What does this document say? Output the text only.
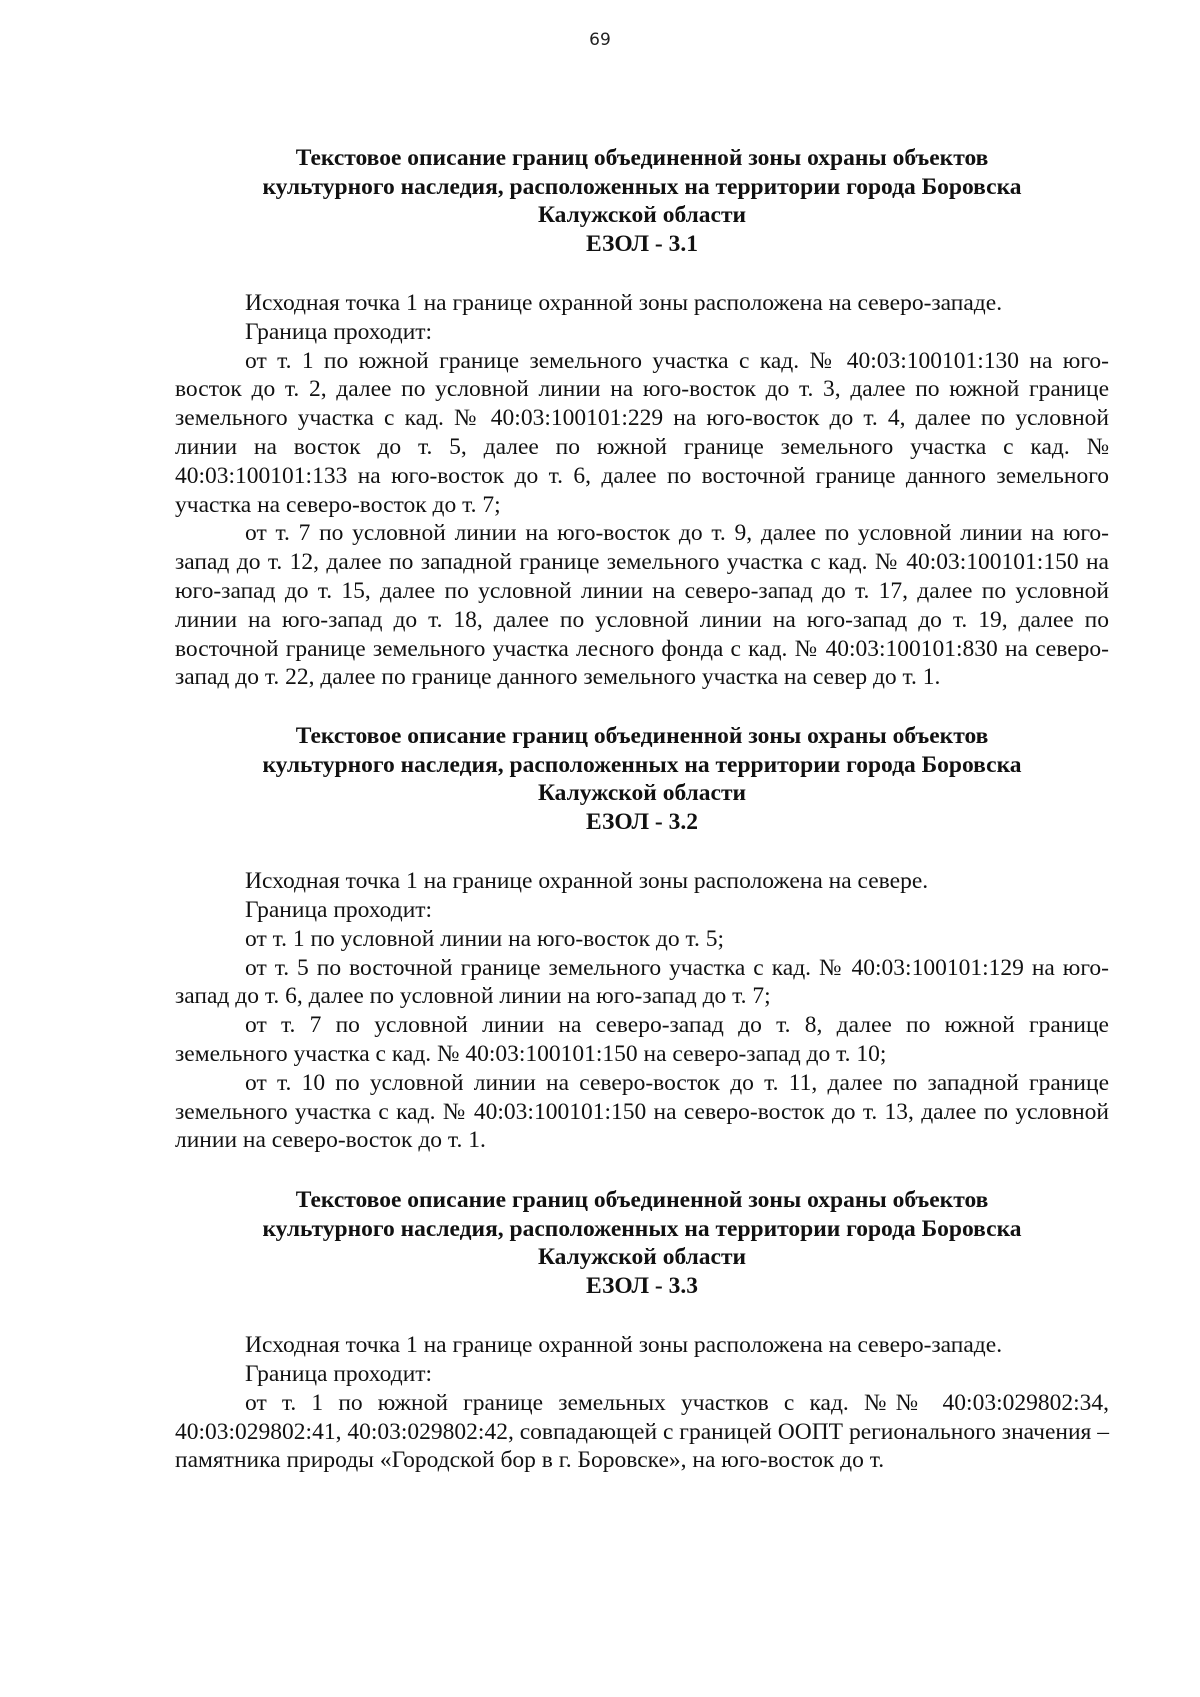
69
Текстовое описание границ объединенной зоны охраны объектов
культурного наследия, расположенных на территории города Боровска
Калужской области
ЕЗОЛ - 3.1

Исходная точка 1 на границе охранной зоны расположена на северо-западе.

Граница проходит:

от т. 1 по южной границе земельного участка с кад. № 40:03:100101:130 на юго-восток до т. 2, далее по условной линии на юго-восток до т. 3, далее по южной границе земельного участка с кад. № 40:03:100101:229 на юго-восток до т. 4, далее по условной линии на восток до т. 5, далее по южной границе земельного участка с кад. № 40:03:100101:133 на юго-восток до т. 6, далее по восточной границе данного земельного участка на северо-восток до т. 7;

от т. 7 по условной линии на юго-восток до т. 9, далее по условной линии на юго-запад до т. 12, далее по западной границе земельного участка с кад. № 40:03:100101:150 на юго-запад до т. 15, далее по условной линии на северо-запад до т. 17, далее по условной линии на юго-запад до т. 18, далее по условной линии на юго-запад до т. 19, далее по восточной границе земельного участка лесного фонда с кад. № 40:03:100101:830 на северо-запад до т. 22, далее по границе данного земельного участка на север до т. 1.

Текстовое описание границ объединенной зоны охраны объектов
культурного наследия, расположенных на территории города Боровска
Калужской области
ЕЗОЛ - 3.2

Исходная точка 1 на границе охранной зоны расположена на севере.

Граница проходит:

от т. 1 по условной линии на юго-восток до т. 5;

от т. 5 по восточной границе земельного участка с кад. № 40:03:100101:129 на юго-запад до т. 6, далее по условной линии на юго-запад до т. 7;

от т. 7 по условной линии на северо-запад до т. 8, далее по южной границе земельного участка с кад. № 40:03:100101:150 на северо-запад до т. 10;

от т. 10 по условной линии на северо-восток до т. 11, далее по западной границе земельного участка с кад. № 40:03:100101:150 на северо-восток до т. 13, далее по условной линии на северо-восток до т. 1.

Текстовое описание границ объединенной зоны охраны объектов
культурного наследия, расположенных на территории города Боровска
Калужской области
ЕЗОЛ - 3.3

Исходная точка 1 на границе охранной зоны расположена на северо-западе.

Граница проходит:

от т. 1 по южной границе земельных участков с кад. №№ 40:03:029802:34, 40:03:029802:41, 40:03:029802:42, совпадающей с границей ООПТ регионального значения – памятника природы «Городской бор в г. Боровске», на юго-восток до т.
